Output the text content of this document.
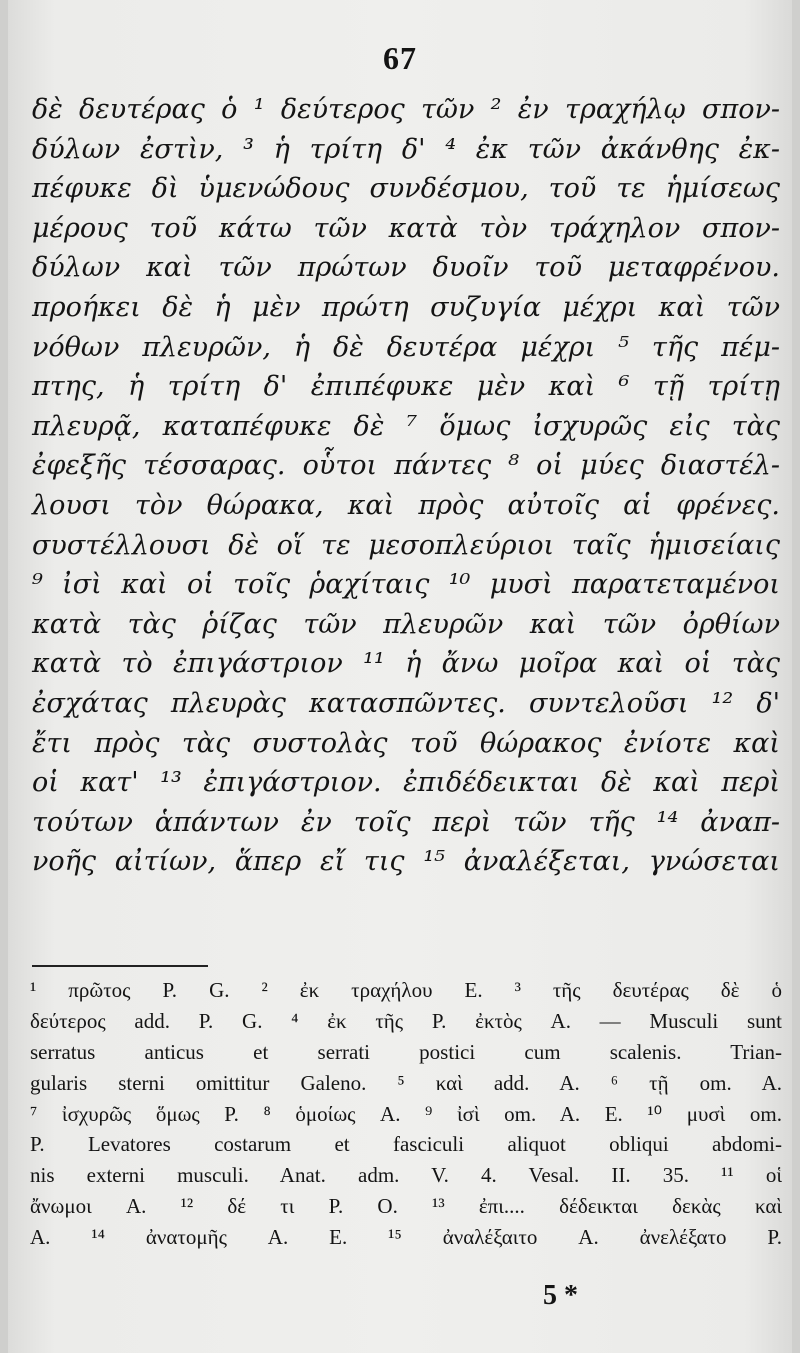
67
δὲ δευτέρας ὁ ¹ δεύτερος τῶν ² ἐν τραχήλῳ σπον-
δύλων ἐστὶν, ³ ἡ τρίτη δ' ⁴ ἐκ τῶν ἀκάνθης ἐκ-
πέφυκε δὶ ὑμενώδους συνδέσμου, τοῦ τε ἡμίσεως
μέρους τοῦ κάτω τῶν κατὰ τὸν τράχηλον σπον-
δύλων καὶ τῶν πρώτων δυοῖν τοῦ μεταφρένου.
προήκει δὲ ἡ μὲν πρώτη συζυγία μέχρι καὶ τῶν
νόθων πλευρῶν, ἡ δὲ δευτέρα μέχρι ⁵ τῆς πέμ-
πτης, ἡ τρίτη δ' ἐπιπέφυκε μὲν καὶ ⁶ τῇ τρίτῃ
πλευρᾷ, καταπέφυκε δὲ ⁷ ὅμως ἰσχυρῶς εἰς τὰς
ἐφεξῆς τέσσαρας. οὗτοι πάντες ⁸ οἱ μύες διαστέλ-
λουσι τὸν θώρακα, καὶ πρὸς αὐτοῖς αἱ φρένες.
συστέλλουσι δὲ οἵ τε μεσοπλεύριοι ταῖς ἡμισείαις
⁹ ἰσὶ καὶ οἱ τοῖς ῥαχίταις ¹⁰ μυσὶ παρατεταμένοι
κατὰ τὰς ῥίζας τῶν πλευρῶν καὶ τῶν ὀρθίων
κατὰ τὸ ἐπιγάστριον ¹¹ ἡ ἄνω μοῖρα καὶ οἱ τὰς
ἐσχάτας πλευρὰς κατασπῶντες. συντελοῦσι ¹² δ'
ἔτι πρὸς τὰς συστολὰς τοῦ θώρακος ἐνίοτε καὶ
οἱ κατ' ¹³ ἐπιγάστριον. ἐπιδέδεικται δὲ καὶ περὶ
τούτων ἁπάντων ἐν τοῖς περὶ τῶν τῆς ¹⁴ ἀναπ-
νοῆς αἰτίων, ἅπερ εἴ τις ¹⁵ ἀναλέξεται, γνώσεται
¹ πρῶτος P. G. ² ἐκ τραχήλου E. ³ τῆς δευτέρας δὲ ὁ
δεύτερος add. P. G. ⁴ ἐκ τῆς P. ἐκτὸς A. — Musculi sunt
serratus anticus et serrati postici cum scalenis. Trian-
gularis sterni omittitur Galeno. ⁵ καὶ add. A. ⁶ τῇ om. A.
⁷ ἰσχυρῶς ὅμως P. ⁸ ὁμοίως A. ⁹ ἰσὶ om. A. E. ¹⁰ μυσὶ om.
P. Levatores costarum et fasciculi aliquot obliqui abdomi-
nis externi musculi. Anat. adm. V. 4. Vesal. II. 35. ¹¹ οἱ
ἄνωμοι A. ¹² δέ τι P. O. ¹³ ἐπι.... δέδεικται δεκὰς καὶ
A. ¹⁴ ἀνατομῆς A. E. ¹⁵ ἀναλέξαιτο A. ἀνελέξατο P.
5 *
